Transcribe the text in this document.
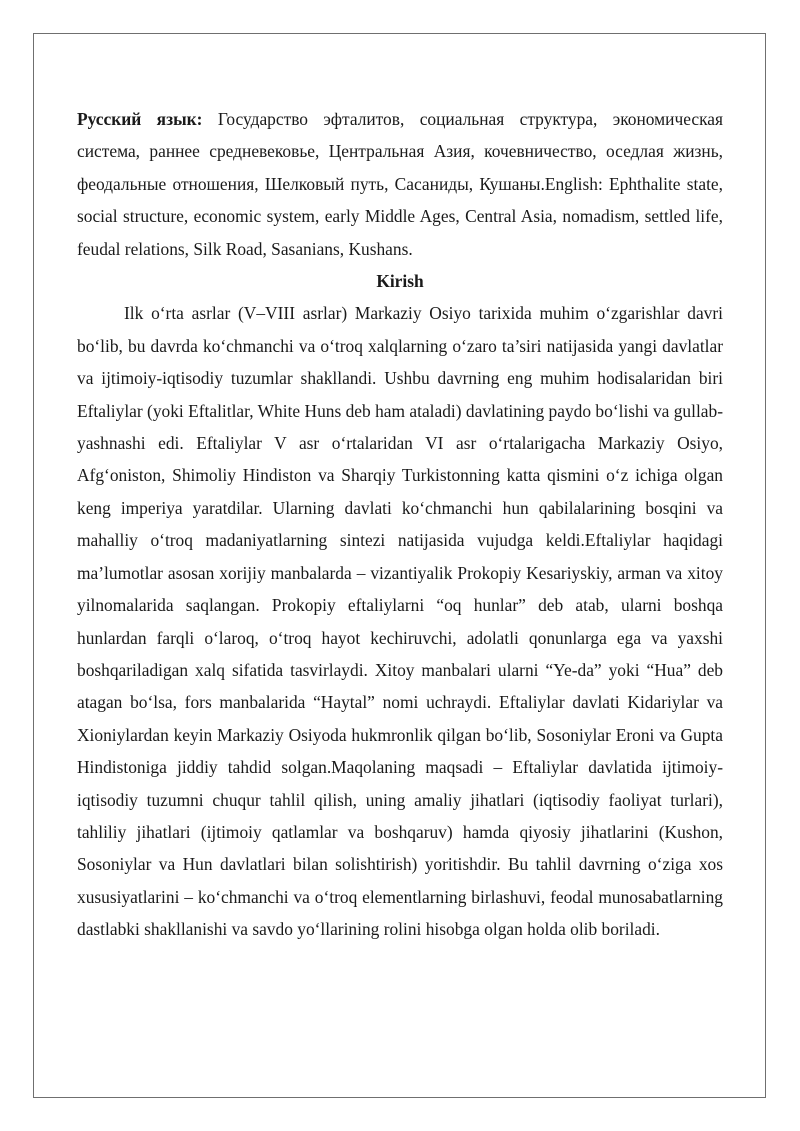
Русский язык: Государство эфталитов, социальная структура, экономическая система, раннее средневековье, Центральная Азия, кочевничество, оседлая жизнь, феодальные отношения, Шелковый путь, Сасаниды, Кушаны.English: Ephthalite state, social structure, economic system, early Middle Ages, Central Asia, nomadism, settled life, feudal relations, Silk Road, Sasanians, Kushans.

Kirish

Ilk o‘rta asrlar (V–VIII asrlar) Markaziy Osiyo tarixida muhim o‘zgarishlar davri bo‘lib, bu davrda ko‘chmanchi va o‘troq xalqlarning o‘zaro ta’siri natijasida yangi davlatlar va ijtimoiy-iqtisodiy tuzumlar shakllandi. Ushbu davrning eng muhim hodisalaridan biri Eftaliylar (yoki Eftalitlar, White Huns deb ham ataladi) davlatining paydo bo‘lishi va gullab-yashnashi edi. Eftaliylar V asr o‘rtalaridan VI asr o‘rtalarigacha Markaziy Osiyo, Afg‘oniston, Shimoliy Hindiston va Sharqiy Turkistonning katta qismini o‘z ichiga olgan keng imperiya yaratdilar. Ularning davlati ko‘chmanchi hun qabilalarining bosqini va mahalliy o‘troq madaniyatlarning sintezi natijasida vujudga keldi.Eftaliylar haqidagi ma’lumotlar asosan xorijiy manbalarda – vizantiyalik Prokopiy Kesariyskiy, arman va xitoy yilnomalarida saqlangan. Prokopiy eftaliylarni “oq hunlar” deb atab, ularni boshqa hunlardan farqli o‘laroq, o‘troq hayot kechiruvchi, adolatli qonunlarga ega va yaxshi boshqariladigan xalq sifatida tasvirlaydi. Xitoy manbalari ularni “Ye-da” yoki “Hua” deb atagan bo‘lsa, fors manbalarida “Haytal” nomi uchraydi. Eftaliylar davlati Kidariylar va Xioniylardan keyin Markaziy Osiyoda hukmronlik qilgan bo‘lib, Sosoniylar Eroni va Gupta Hindistoniga jiddiy tahdid solgan.Maqolaning maqsadi – Eftaliylar davlatida ijtimoiy-iqtisodiy tuzumni chuqur tahlil qilish, uning amaliy jihatlari (iqtisodiy faoliyat turlari), tahliliy jihatlari (ijtimoiy qatlamlar va boshqaruv) hamda qiyosiy jihatlarini (Kushon, Sosoniylar va Hun davlatlari bilan solishtirish) yoritishdir. Bu tahlil davrning o‘ziga xos xususiyatlarini – ko‘chmanchi va o‘troq elementlarning birlashuvi, feodal munosabatlarning dastlabki shakllanishi va savdo yo‘llarining rolini hisobga olgan holda olib boriladi.
